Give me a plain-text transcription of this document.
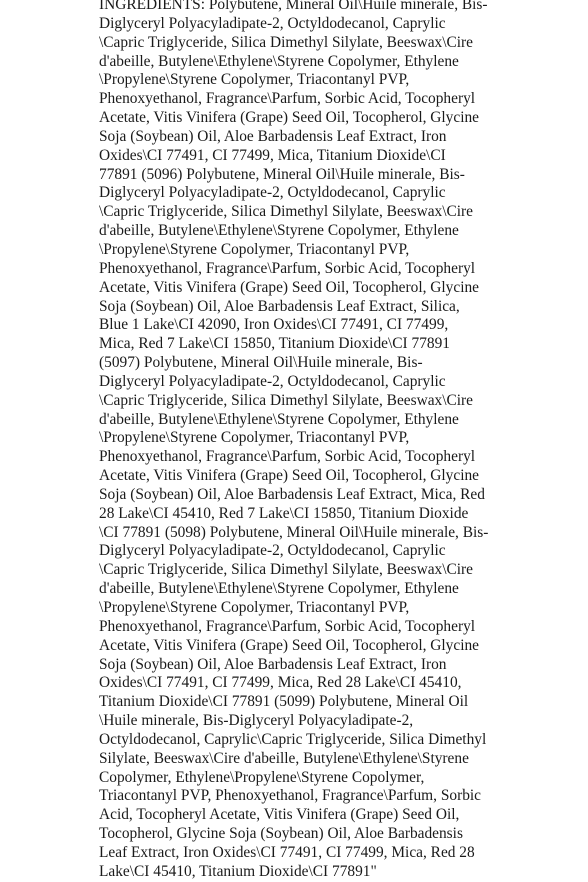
INGREDIENTS: Polybutene, Mineral Oil\Huile minerale, Bis-
Diglyceryl Polyacyladipate-2, Octyldodecanol, Caprylic
\Capric Triglyceride, Silica Dimethyl Silylate, Beeswax\Cire
d'abeille, Butylene\Ethylene\Styrene Copolymer, Ethylene
\Propylene\Styrene Copolymer, Triacontanyl PVP,
Phenoxyethanol, Fragrance\Parfum, Sorbic Acid, Tocopheryl
Acetate, Vitis Vinifera (Grape) Seed Oil, Tocopherol, Glycine
Soja (Soybean) Oil, Aloe Barbadensis Leaf Extract, Iron
Oxides\CI 77491, CI 77499, Mica, Titanium Dioxide\CI
77891 (5096) Polybutene, Mineral Oil\Huile minerale, Bis-
Diglyceryl Polyacyladipate-2, Octyldodecanol, Caprylic
\Capric Triglyceride, Silica Dimethyl Silylate, Beeswax\Cire
d'abeille, Butylene\Ethylene\Styrene Copolymer, Ethylene
\Propylene\Styrene Copolymer, Triacontanyl PVP,
Phenoxyethanol, Fragrance\Parfum, Sorbic Acid, Tocopheryl
Acetate, Vitis Vinifera (Grape) Seed Oil, Tocopherol, Glycine
Soja (Soybean) Oil, Aloe Barbadensis Leaf Extract, Silica,
Blue 1 Lake\CI 42090, Iron Oxides\CI 77491, CI 77499,
Mica, Red 7 Lake\CI 15850, Titanium Dioxide\CI 77891
(5097) Polybutene, Mineral Oil\Huile minerale, Bis-
Diglyceryl Polyacyladipate-2, Octyldodecanol, Caprylic
\Capric Triglyceride, Silica Dimethyl Silylate, Beeswax\Cire
d'abeille, Butylene\Ethylene\Styrene Copolymer, Ethylene
\Propylene\Styrene Copolymer, Triacontanyl PVP,
Phenoxyethanol, Fragrance\Parfum, Sorbic Acid, Tocopheryl
Acetate, Vitis Vinifera (Grape) Seed Oil, Tocopherol, Glycine
Soja (Soybean) Oil, Aloe Barbadensis Leaf Extract, Mica, Red
28 Lake\CI 45410, Red 7 Lake\CI 15850, Titanium Dioxide
\CI 77891 (5098) Polybutene, Mineral Oil\Huile minerale, Bis-
Diglyceryl Polyacyladipate-2, Octyldodecanol, Caprylic
\Capric Triglyceride, Silica Dimethyl Silylate, Beeswax\Cire
d'abeille, Butylene\Ethylene\Styrene Copolymer, Ethylene
\Propylene\Styrene Copolymer, Triacontanyl PVP,
Phenoxyethanol, Fragrance\Parfum, Sorbic Acid, Tocopheryl
Acetate, Vitis Vinifera (Grape) Seed Oil, Tocopherol, Glycine
Soja (Soybean) Oil, Aloe Barbadensis Leaf Extract, Iron
Oxides\CI 77491, CI 77499, Mica, Red 28 Lake\CI 45410,
Titanium Dioxide\CI 77891 (5099) Polybutene, Mineral Oil
\Huile minerale, Bis-Diglyceryl Polyacyladipate-2,
Octyldodecanol, Caprylic\Capric Triglyceride, Silica Dimethyl
Silylate, Beeswax\Cire d'abeille, Butylene\Ethylene\Styrene
Copolymer, Ethylene\Propylene\Styrene Copolymer,
Triacontanyl PVP, Phenoxyethanol, Fragrance\Parfum, Sorbic
Acid, Tocopheryl Acetate, Vitis Vinifera (Grape) Seed Oil,
Tocopherol, Glycine Soja (Soybean) Oil, Aloe Barbadensis
Leaf Extract, Iron Oxides\CI 77491, CI 77499, Mica, Red 28
Lake\CI 45410, Titanium Dioxide\CI 77891"
